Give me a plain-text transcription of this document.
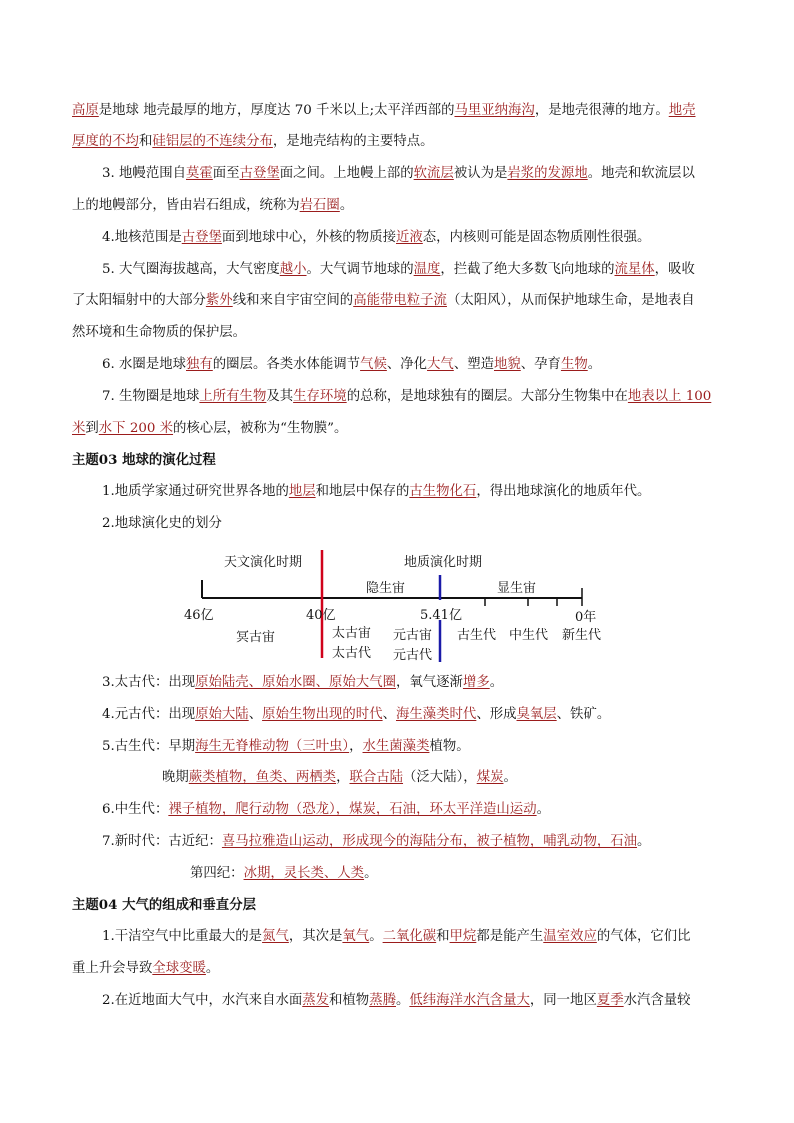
高原是地球 地壳最厚的地方，厚度达 70 千米以上;太平洋西部的马里亚纳海沟，是地壳很薄的地方。地壳
厚度的不均和硅铝层的不连续分布，是地壳结构的主要特点。
3. 地幔范围自莫霍面至古登堡面之间。上地幔上部的软流层被认为是岩浆的发源地。地壳和软流层以
上的地幔部分，皆由岩石组成，统称为岩石圈。
4.地核范围是古登堡面到地球中心，外核的物质接近液态，内核则可能是固态物质刚性很强。
5. 大气圈海拔越高，大气密度越小。大气调节地球的温度，拦截了绝大多数飞向地球的流星体，吸收
了太阳辐射中的大部分紫外线和来自宇宙空间的高能带电粒子流（太阳风），从而保护地球生命，是地表自
然环境和生命物质的保护层。
6. 水圈是地球独有的圈层。各类水体能调节气候、净化大气、塑造地貌、孕育生物。
7. 生物圈是地球上所有生物及其生存环境的总称，是地球独有的圈层。大部分生物集中在地表以上 100
米到水下 200 米的核心层，被称为“生物膜”。
主题03 地球的演化过程
1.地质学家通过研究世界各地的地层和地层中保存的古生物化石，得出地球演化的地质年代。
2.地球演化史的划分
天文演化时期	地质演化时期
隐生宙	显生宙
46亿	40亿	5.41亿	0年
冥古宙	太古宙
太古代
元古宙
元古代
古生代 中生代 新生代
3.太古代：出现原始陆壳、原始水圈、原始大气圈，氧气逐渐增多。
4.元古代：出现原始大陆、原始生物出现的时代、海生藻类时代、形成臭氧层、铁矿。
5.古生代：早期海生无脊椎动物（三叶虫），水生菌藻类植物。
晚期蕨类植物，鱼类、两栖类，联合古陆（泛大陆），煤炭。
6.中生代：裸子植物，爬行动物（恐龙），煤炭，石油，环太平洋造山运动。
7.新时代：古近纪：喜马拉雅造山运动，形成现今的海陆分布，被子植物，哺乳动物，石油。
第四纪：冰期，灵长类、人类。
主题04 大气的组成和垂直分层
1.干洁空气中比重最大的是氮气，其次是氧气。二氧化碳和甲烷都是能产生温室效应的气体，它们比
重上升会导致全球变暖。
2.在近地面大气中，水汽来自水面蒸发和植物蒸腾。低纬海洋水汽含量大，同一地区夏季水汽含量较
